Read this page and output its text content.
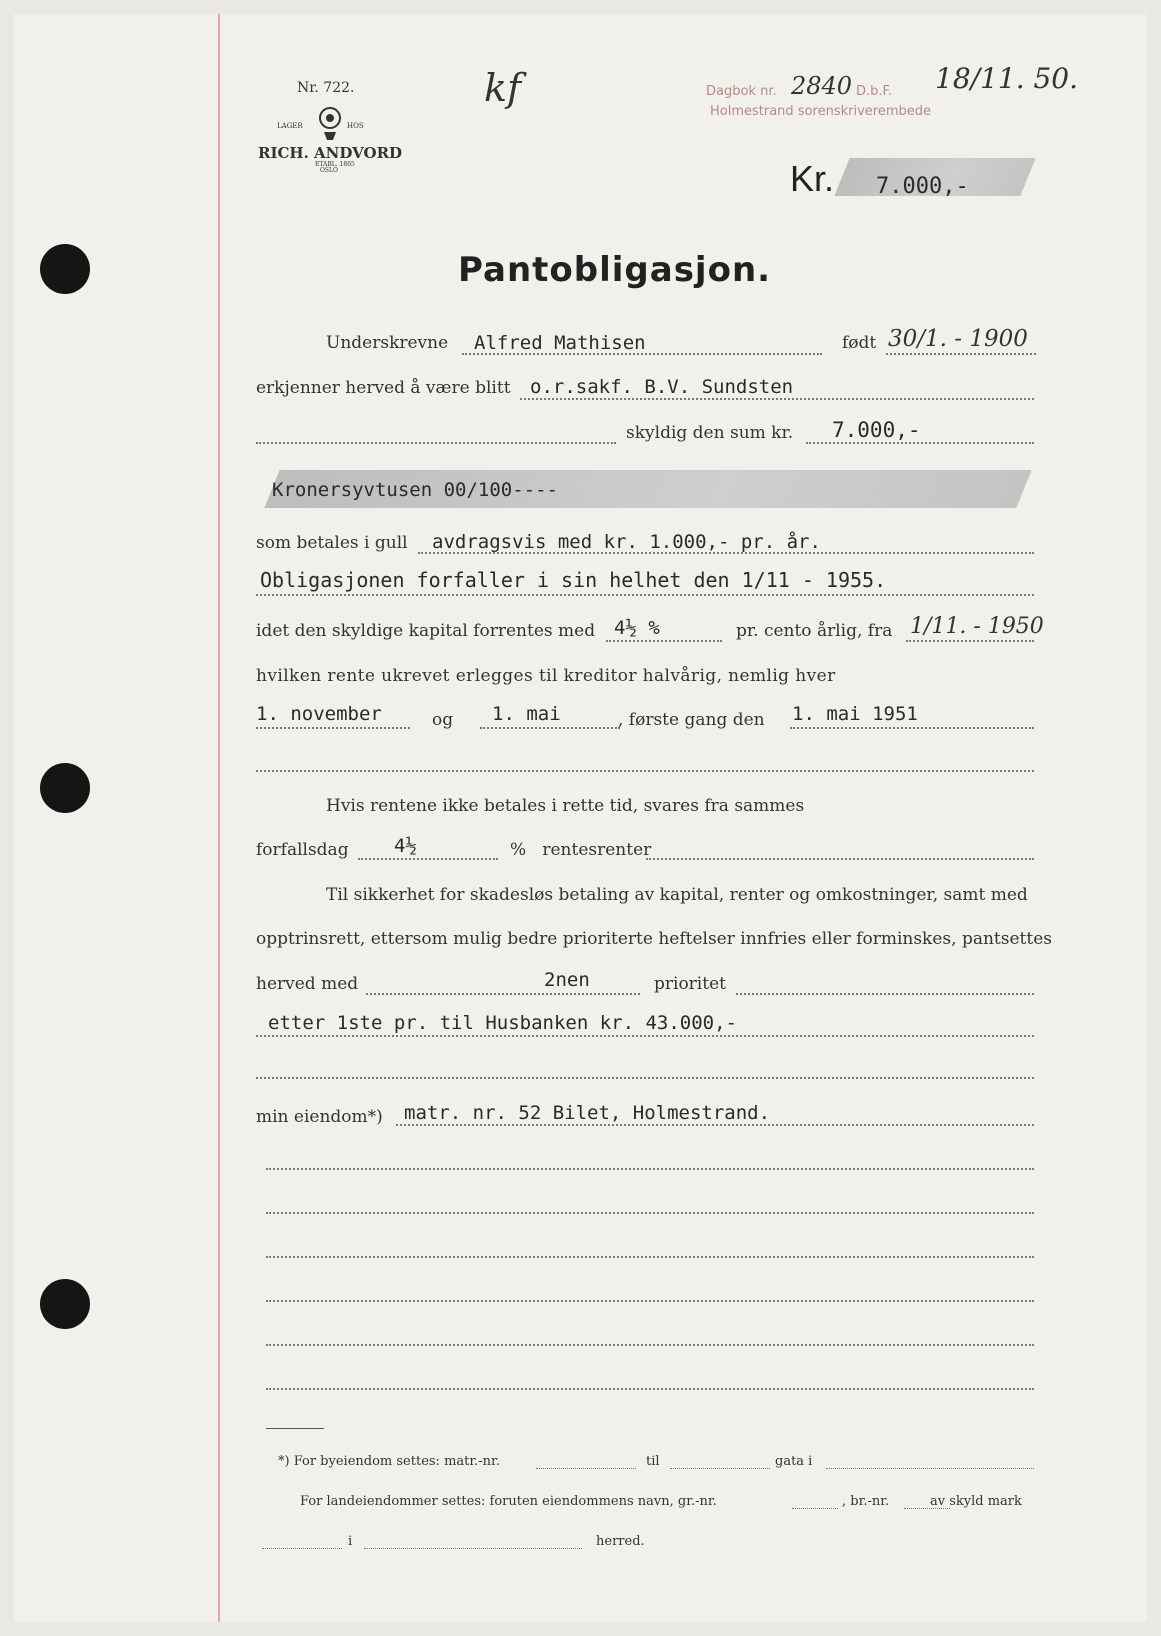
Nr. 722.
LAGER	HOS
RICH. ANDVORD
ETABL. 1865
OSLO
kf	Dagbok nr. 2840 D.b.F. 18/11. 50.
Holmestrand sorenskriverembede
Kr. 7.000,-
Pantobligasjon.
Underskrevne Alfred Mathisen	født 30/1. - 1900
erkjenner herved å være blitt o.r.sakf. B.V. Sundsten
skyldig den sum kr. 7.000,-
Kronersyvtusen 00/100----
som betales i gull avdragsvis med kr. 1.000,- pr. år.
Obligasjonen forfaller i sin helhet den 1/11 - 1955.
idet den skyldige kapital forrentes med 4½ %	pr. cento årlig, fra 1/11. - 1950
hvilken rente ukrevet erlegges til kreditor halvårig, nemlig hver
1. november	og 1. mai	, første gang den 1. mai 1951
Hvis rentene ikke betales i rette tid, svares fra sammes
forfallsdag 4½	%   rentesrenter
Til sikkerhet for skadesløs betaling av kapital, renter og omkostninger, samt med
opptrinsrett, ettersom mulig bedre prioriterte heftelser innfries eller forminskes, pantsettes
herved med	2nen	prioritet
etter 1ste pr. til Husbanken kr. 43.000,-
min eiendom*) matr. nr. 52 Bilet, Holmestrand.
*) For byeiendom settes: matr.-nr.	til	gata i
For landeiendommer settes: foruten eiendommens navn, gr.-nr.	, br.-nr.	av skyld mark
i	herred.
